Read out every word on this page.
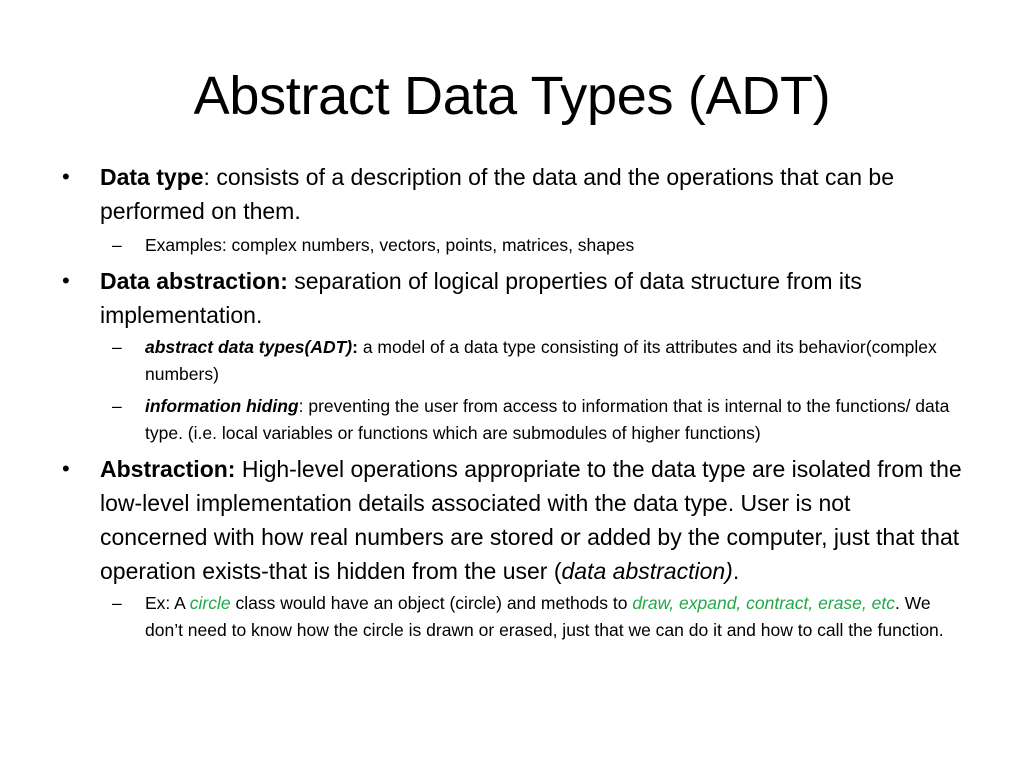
Abstract Data Types (ADT)
• Data type: consists of a description of the data and the operations that can be performed on them.
– Examples: complex numbers, vectors, points, matrices, shapes
• Data abstraction: separation of logical properties of data structure from its implementation.
– abstract data types(ADT): a model of a data type consisting of its attributes and its behavior(complex numbers)
– information hiding: preventing the user from access to information that is internal to the functions/ data type. (i.e. local variables or functions which are submodules of higher functions)
• Abstraction: High-level operations appropriate to the data type are isolated from the low-level implementation details associated with the data type. User is not concerned with how real numbers are stored or added by the computer, just that that operation exists-that is hidden from the user (data abstraction).
– Ex: A circle class would have an object (circle) and methods to draw, expand, contract, erase, etc. We don’t need to know how the circle is drawn or erased, just that we can do it and how to call the function.
